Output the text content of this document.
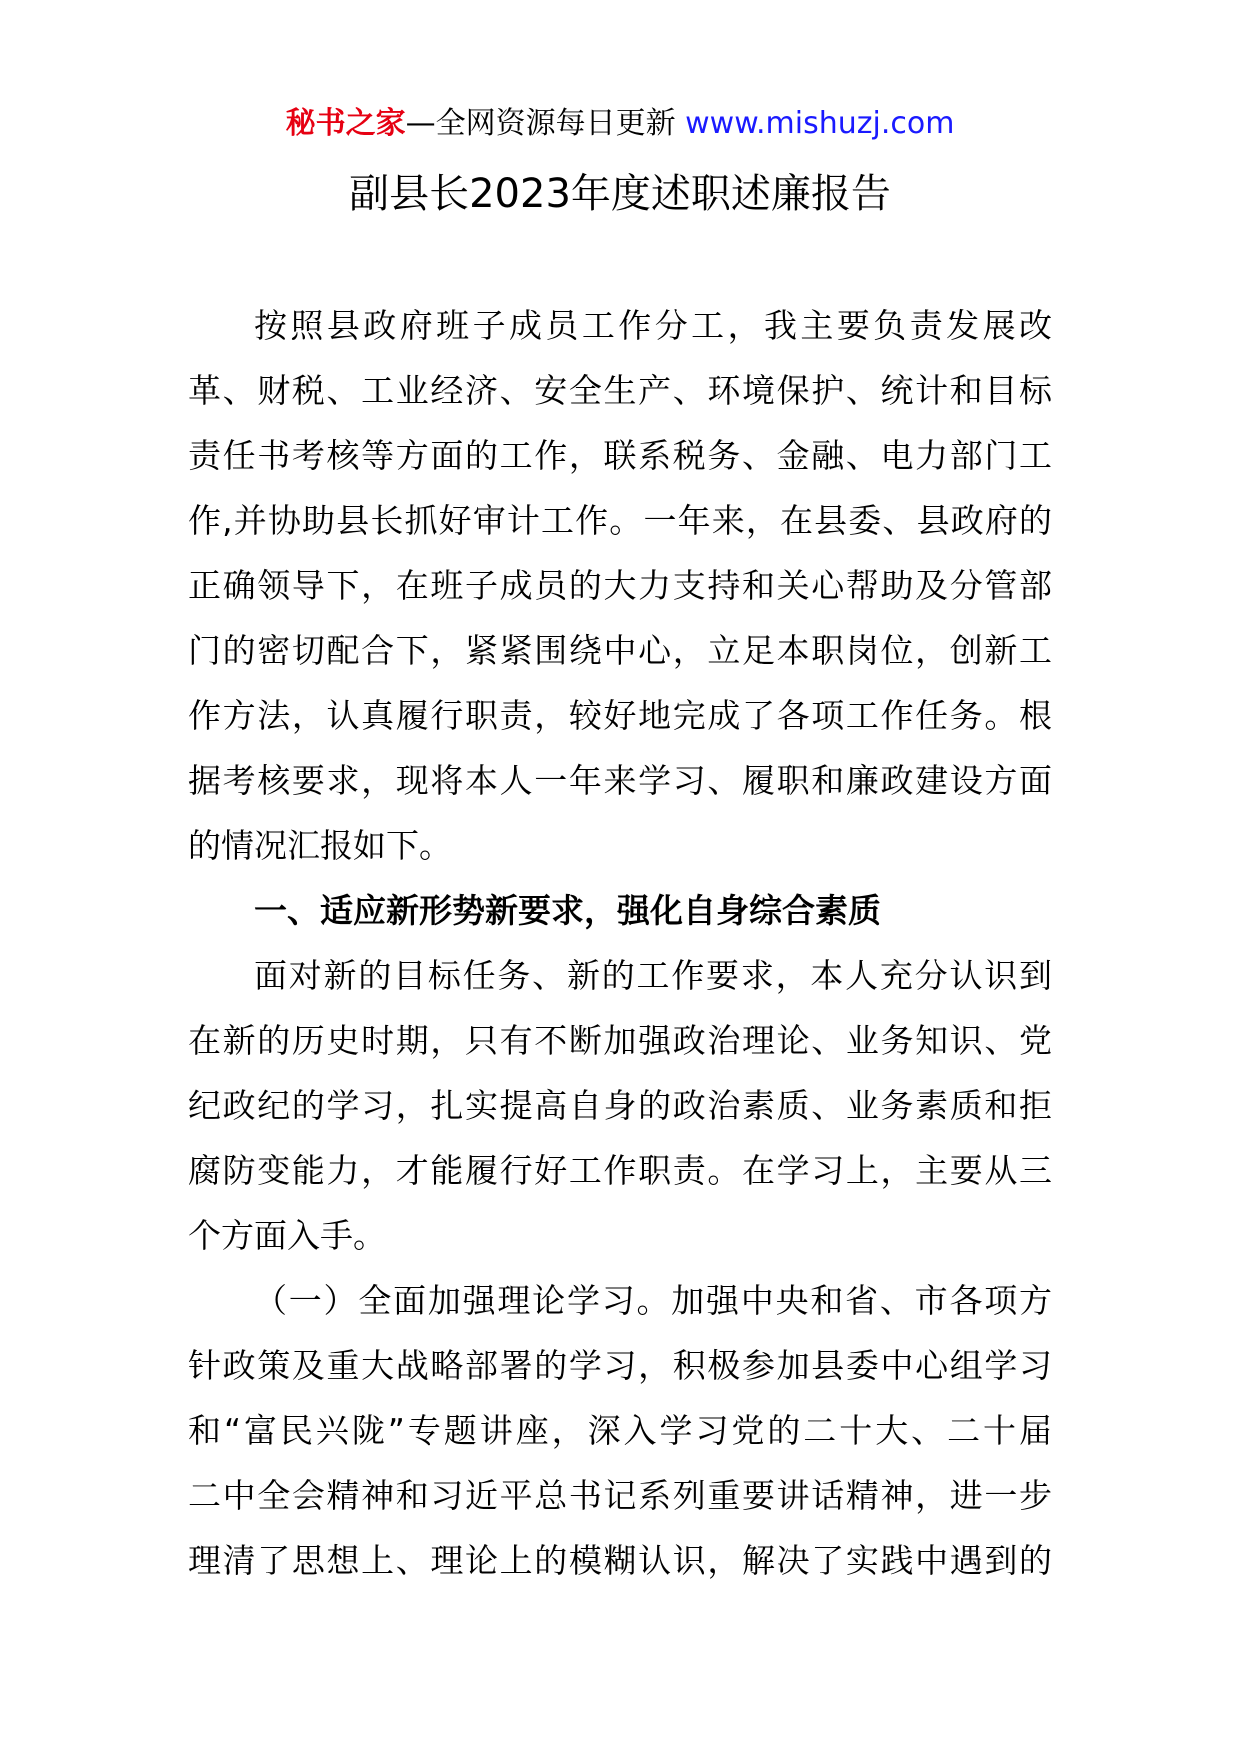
秘书之家—全网资源每日更新 www.mishuzj.com
副县长2023年度述职述廉报告
按照县政府班子成员工作分工，我主要负责发展改
革、财税、工业经济、安全生产、环境保护、统计和目标
责任书考核等方面的工作，联系税务、金融、电力部门工
作,并协助县长抓好审计工作。一年来，在县委、县政府的
正确领导下，在班子成员的大力支持和关心帮助及分管部
门的密切配合下，紧紧围绕中心，立足本职岗位，创新工
作方法，认真履行职责，较好地完成了各项工作任务。根
据考核要求，现将本人一年来学习、履职和廉政建设方面
的情况汇报如下。
一、适应新形势新要求，强化自身综合素质
面对新的目标任务、新的工作要求，本人充分认识到
在新的历史时期，只有不断加强政治理论、业务知识、党
纪政纪的学习，扎实提高自身的政治素质、业务素质和拒
腐防变能力，才能履行好工作职责。在学习上，主要从三
个方面入手。
（一）全面加强理论学习。加强中央和省、市各项方
针政策及重大战略部署的学习，积极参加县委中心组学习
和“富民兴陇”专题讲座，深入学习党的二十大、二十届
二中全会精神和习近平总书记系列重要讲话精神，进一步
理清了思想上、理论上的模糊认识，解决了实践中遇到的
